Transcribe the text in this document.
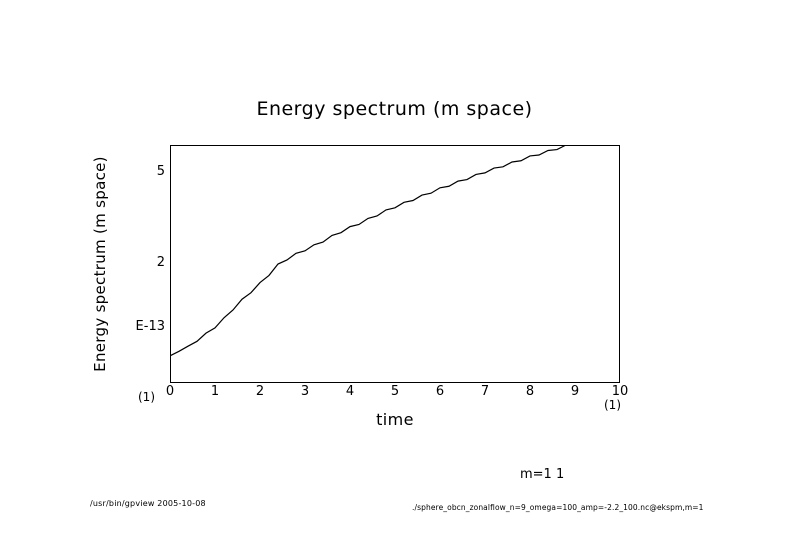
Energy spectrum (m space)
Energy spectrum (m space)	E-13
2
5
0	1	2	3	4	5	6	7	8	9	10
(1)
(1)
time
m=1 1
/usr/bin/gpview 2005-10-08	./sphere_obcn_zonalflow_n=9_omega=100_amp=-2.2_100.nc@ekspm,m=1
